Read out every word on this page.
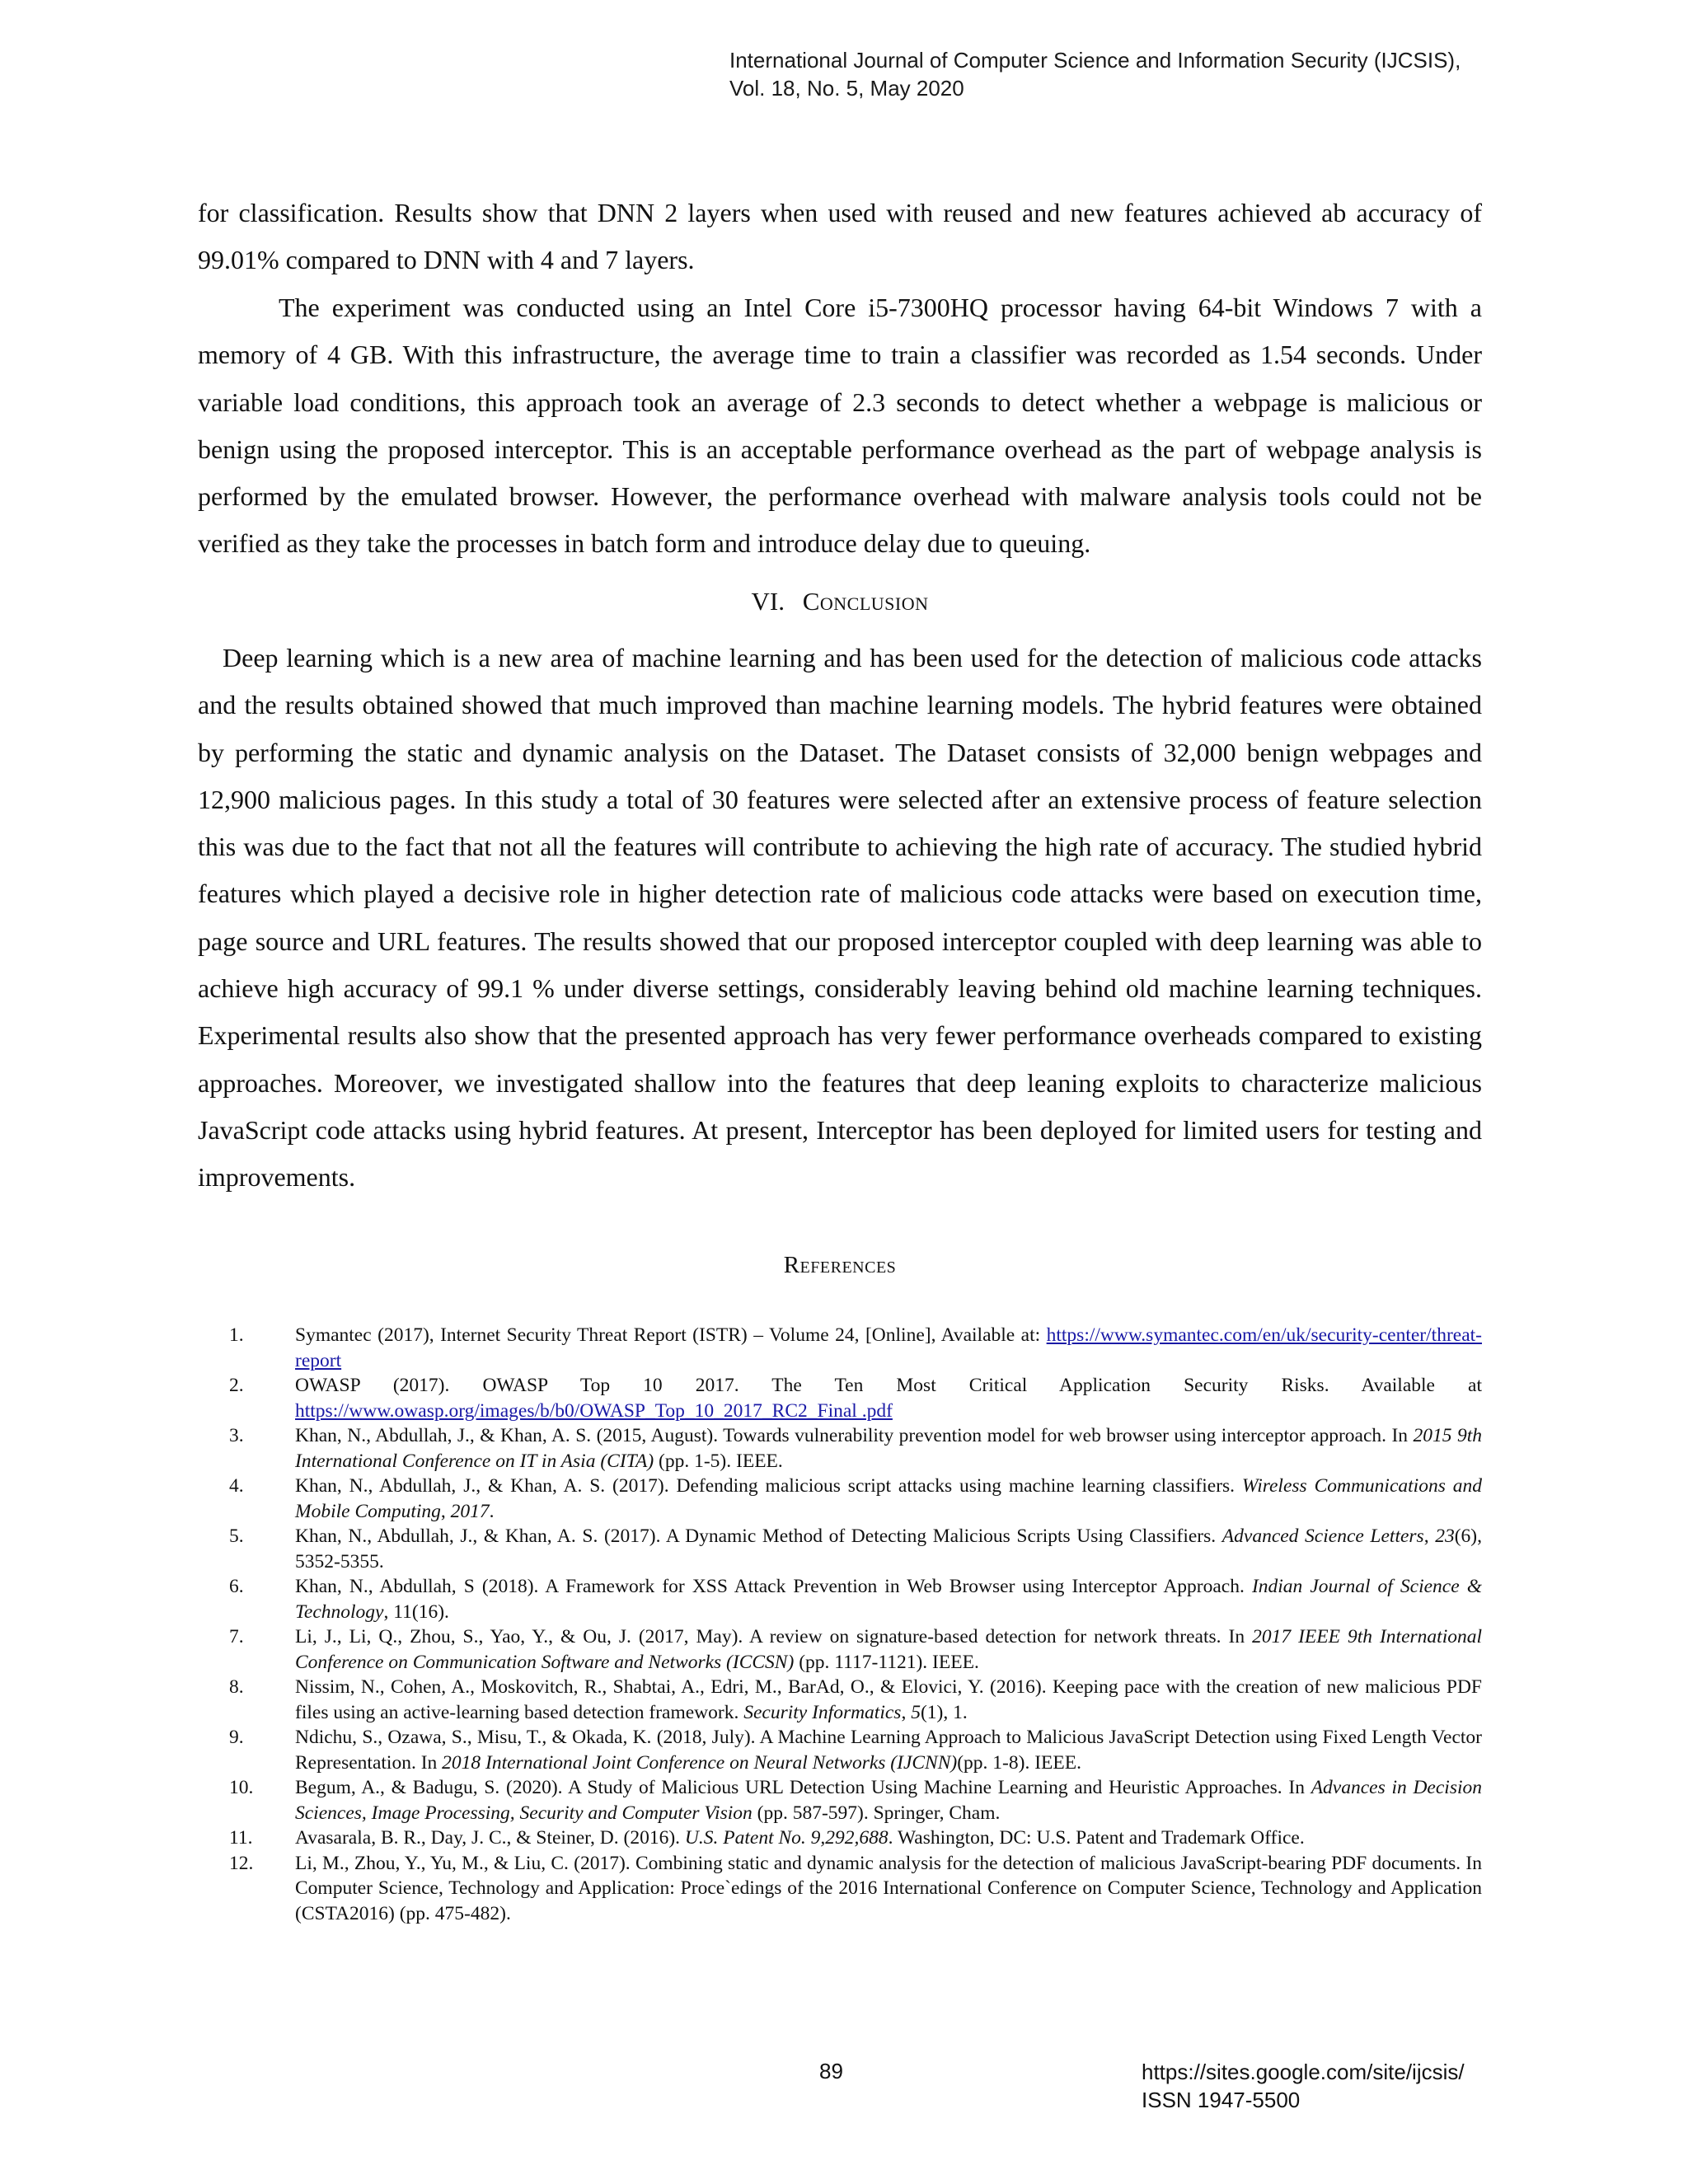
International Journal of Computer Science and Information Security (IJCSIS),
Vol. 18, No. 5, May 2020

for classification. Results show that DNN 2 layers when used with reused and new features achieved ab accuracy of 99.01% compared to DNN with 4 and 7 layers.

The experiment was conducted using an Intel Core i5-7300HQ processor having 64-bit Windows 7 with a memory of 4 GB. With this infrastructure, the average time to train a classifier was recorded as 1.54 seconds. Under variable load conditions, this approach took an average of 2.3 seconds to detect whether a webpage is malicious or benign using the proposed interceptor. This is an acceptable performance overhead as the part of webpage analysis is performed by the emulated browser. However, the performance overhead with malware analysis tools could not be verified as they take the processes in batch form and introduce delay due to queuing.

VI. Conclusion

Deep learning which is a new area of machine learning and has been used for the detection of malicious code attacks and the results obtained showed that much improved than machine learning models. The hybrid features were obtained by performing the static and dynamic analysis on the Dataset. The Dataset consists of 32,000 benign webpages and 12,900 malicious pages. In this study a total of 30 features were selected after an extensive process of feature selection this was due to the fact that not all the features will contribute to achieving the high rate of accuracy. The studied hybrid features which played a decisive role in higher detection rate of malicious code attacks were based on execution time, page source and URL features. The results showed that our proposed interceptor coupled with deep learning was able to achieve high accuracy of 99.1 % under diverse settings, considerably leaving behind old machine learning techniques. Experimental results also show that the presented approach has very fewer performance overheads compared to existing approaches. Moreover, we investigated shallow into the features that deep leaning exploits to characterize malicious JavaScript code attacks using hybrid features. At present, Interceptor has been deployed for limited users for testing and improvements.

References
1.	Symantec (2017), Internet Security Threat Report (ISTR) – Volume 24, [Online], Available at: https://www.symantec.com/en/uk/security-center/threat-report
2.	OWASP (2017). OWASP Top 10 2017. The Ten Most Critical Application Security Risks. Available at https://www.owasp.org/images/b/b0/OWASP_Top_10_2017_RC2_Final .pdf
3.	Khan, N., Abdullah, J., & Khan, A. S. (2015, August). Towards vulnerability prevention model for web browser using interceptor approach. In 2015 9th International Conference on IT in Asia (CITA) (pp. 1-5). IEEE.
4.	Khan, N., Abdullah, J., & Khan, A. S. (2017). Defending malicious script attacks using machine learning classifiers. Wireless Communications and Mobile Computing, 2017.
5.	Khan, N., Abdullah, J., & Khan, A. S. (2017). A Dynamic Method of Detecting Malicious Scripts Using Classifiers. Advanced Science Letters, 23(6), 5352-5355.
6.	Khan, N., Abdullah, S (2018). A Framework for XSS Attack Prevention in Web Browser using Interceptor Approach. Indian Journal of Science & Technology, 11(16).
7.	Li, J., Li, Q., Zhou, S., Yao, Y., & Ou, J. (2017, May). A review on signature-based detection for network threats. In 2017 IEEE 9th International Conference on Communication Software and Networks (ICCSN) (pp. 1117-1121). IEEE.
8.	Nissim, N., Cohen, A., Moskovitch, R., Shabtai, A., Edri, M., BarAd, O., & Elovici, Y. (2016). Keeping pace with the creation of new malicious PDF files using an active-learning based detection framework. Security Informatics, 5(1), 1.
9.	Ndichu, S., Ozawa, S., Misu, T., & Okada, K. (2018, July). A Machine Learning Approach to Malicious JavaScript Detection using Fixed Length Vector Representation. In 2018 International Joint Conference on Neural Networks (IJCNN)(pp. 1-8). IEEE.
10.	Begum, A., & Badugu, S. (2020). A Study of Malicious URL Detection Using Machine Learning and Heuristic Approaches. In Advances in Decision Sciences, Image Processing, Security and Computer Vision (pp. 587-597). Springer, Cham.
11.	Avasarala, B. R., Day, J. C., & Steiner, D. (2016). U.S. Patent No. 9,292,688. Washington, DC: U.S. Patent and Trademark Office.
12.	Li, M., Zhou, Y., Yu, M., & Liu, C. (2017). Combining static and dynamic analysis for the detection of malicious JavaScript-bearing PDF documents. In Computer Science, Technology and Application: Proce`edings of the 2016 International Conference on Computer Science, Technology and Application (CSTA2016) (pp. 475-482).
89	https://sites.google.com/site/ijcsis/
ISSN 1947-5500
